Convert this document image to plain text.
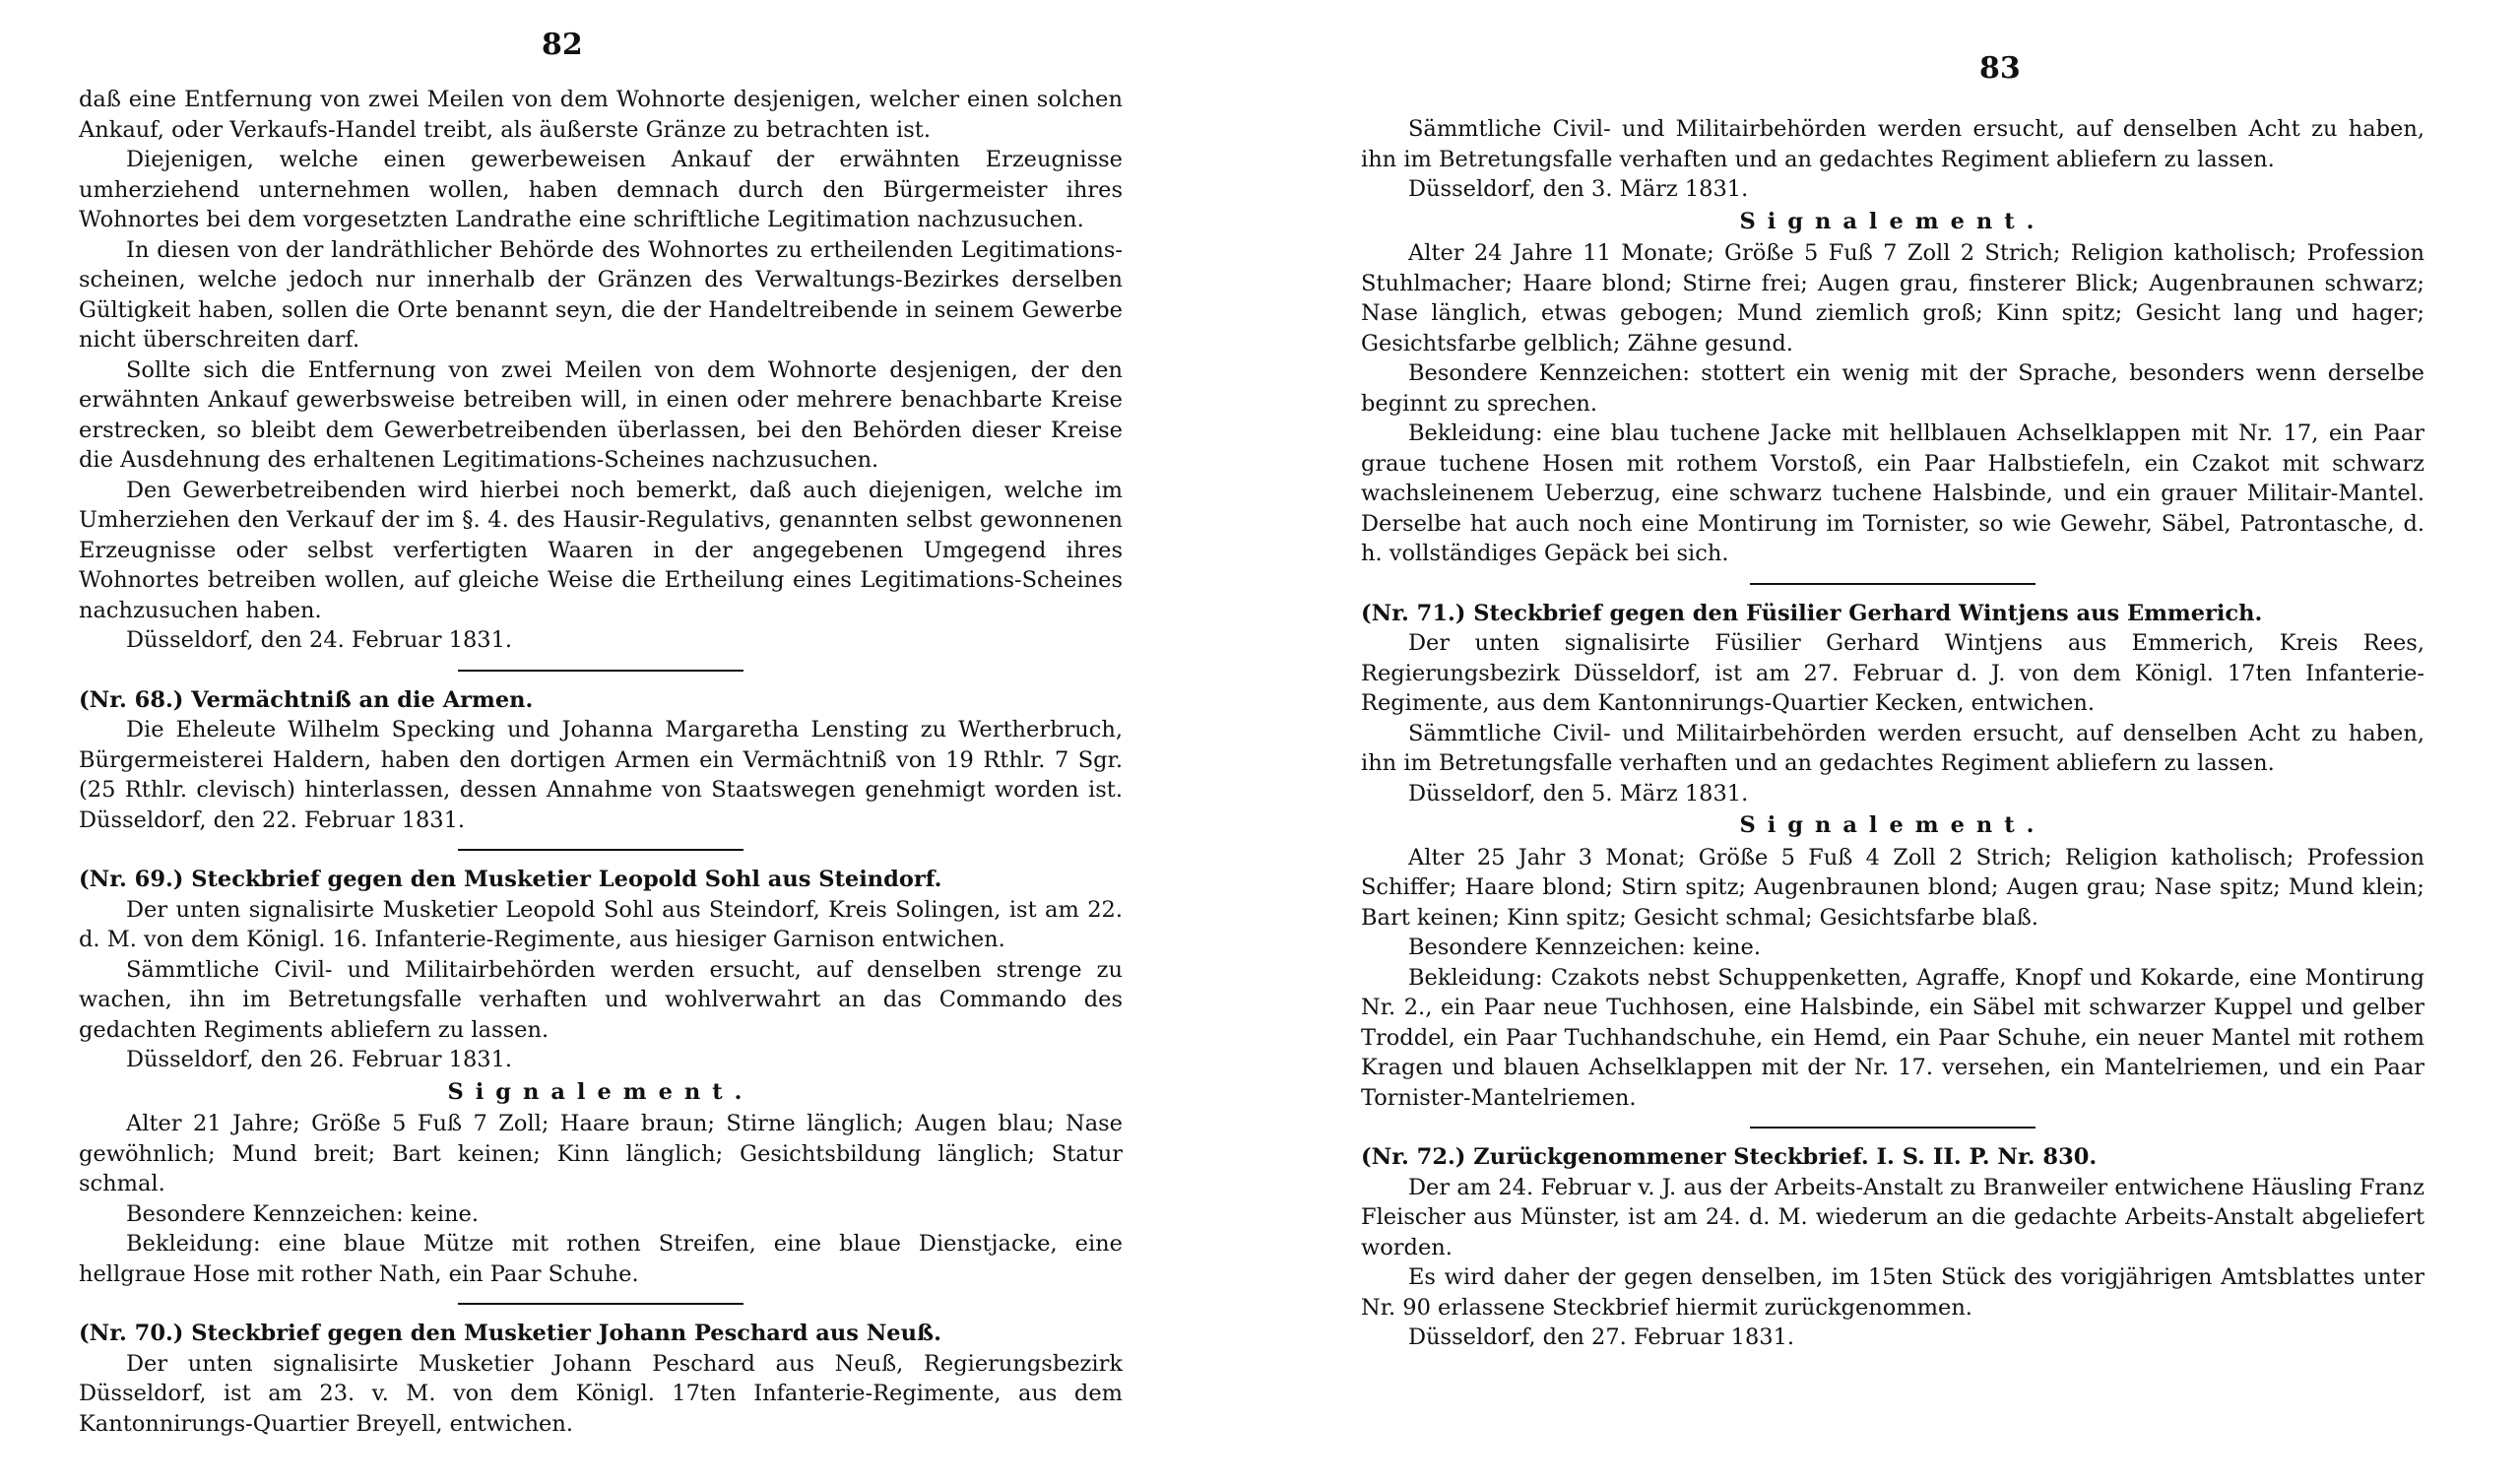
82

daß eine Entfernung von zwei Meilen von dem Wohnorte desjenigen, welcher einen solchen Ankauf, oder Verkaufs-Handel treibt, als äußerste Gränze zu betrachten ist.

Diejenigen, welche einen gewerbeweisen Ankauf der erwähnten Erzeugnisse umherziehend unternehmen wollen, haben demnach durch den Bürgermeister ihres Wohnortes bei dem vorgesetzten Landrathe eine schriftliche Legitimation nachzusuchen.

In diesen von der landräthlicher Behörde des Wohnortes zu ertheilenden Legitimations-scheinen, welche jedoch nur innerhalb der Gränzen des Verwaltungs-Bezirkes derselben Gültigkeit haben, sollen die Orte benannt seyn, die der Handeltreibende in seinem Gewerbe nicht überschreiten darf.

Sollte sich die Entfernung von zwei Meilen von dem Wohnorte desjenigen, der den erwähnten Ankauf gewerbsweise betreiben will, in einen oder mehrere benachbarte Kreise erstrecken, so bleibt dem Gewerbetreibenden überlassen, bei den Behörden dieser Kreise die Ausdehnung des erhaltenen Legitimations-Scheines nachzusuchen.

Den Gewerbetreibenden wird hierbei noch bemerkt, daß auch diejenigen, welche im Umherziehen den Verkauf der im §. 4. des Hausir-Regulativs, genannten selbst gewonnenen Erzeugnisse oder selbst verfertigten Waaren in der angegebenen Umgegend ihres Wohnortes betreiben wollen, auf gleiche Weise die Ertheilung eines Legitimations-Scheines nachzusuchen haben.

Düsseldorf, den 24. Februar 1831.

(Nr. 68.) Vermächtniß an die Armen.

Die Eheleute Wilhelm Specking und Johanna Margaretha Lensting zu Wertherbruch, Bürgermeisterei Haldern, haben den dortigen Armen ein Vermächtniß von 19 Rthlr. 7 Sgr. (25 Rthlr. clevisch) hinterlassen, dessen Annahme von Staatswegen genehmigt worden ist. Düsseldorf, den 22. Februar 1831.

(Nr. 69.) Steckbrief gegen den Musketier Leopold Sohl aus Steindorf.

Der unten signalisirte Musketier Leopold Sohl aus Steindorf, Kreis Solingen, ist am 22. d. M. von dem Königl. 16. Infanterie-Regimente, aus hiesiger Garnison entwichen.

Sämmtliche Civil- und Militairbehörden werden ersucht, auf denselben strenge zu wachen, ihn im Betretungsfalle verhaften und wohlverwahrt an das Commando des gedachten Regiments abliefern zu lassen.

Düsseldorf, den 26. Februar 1831.

Signalement.

Alter 21 Jahre; Größe 5 Fuß 7 Zoll; Haare braun; Stirne länglich; Augen blau; Nase gewöhnlich; Mund breit; Bart keinen; Kinn länglich; Gesichtsbildung länglich; Statur schmal.

Besondere Kennzeichen: keine.

Bekleidung: eine blaue Mütze mit rothen Streifen, eine blaue Dienstjacke, eine hellgraue Hose mit rother Nath, ein Paar Schuhe.

(Nr. 70.) Steckbrief gegen den Musketier Johann Peschard aus Neuß.

Der unten signalisirte Musketier Johann Peschard aus Neuß, Regierungsbezirk Düsseldorf, ist am 23. v. M. von dem Königl. 17ten Infanterie-Regimente, aus dem Kantonnirungs-Quartier Breyell, entwichen.

83

Sämmtliche Civil- und Militairbehörden werden ersucht, auf denselben Acht zu haben, ihn im Betretungsfalle verhaften und an gedachtes Regiment abliefern zu lassen.

Düsseldorf, den 3. März 1831.

Signalement.

Alter 24 Jahre 11 Monate; Größe 5 Fuß 7 Zoll 2 Strich; Religion katholisch; Profession Stuhlmacher; Haare blond; Stirne frei; Augen grau, finsterer Blick; Augenbraunen schwarz; Nase länglich, etwas gebogen; Mund ziemlich groß; Kinn spitz; Gesicht lang und hager; Gesichtsfarbe gelblich; Zähne gesund.

Besondere Kennzeichen: stottert ein wenig mit der Sprache, besonders wenn derselbe beginnt zu sprechen.

Bekleidung: eine blau tuchene Jacke mit hellblauen Achselklappen mit Nr. 17, ein Paar graue tuchene Hosen mit rothem Vorstoß, ein Paar Halbstiefeln, ein Czakot mit schwarz wachsleinenem Ueberzug, eine schwarz tuchene Halsbinde, und ein grauer Militair-Mantel. Derselbe hat auch noch eine Montirung im Tornister, so wie Gewehr, Säbel, Patrontasche, d. h. vollständiges Gepäck bei sich.

(Nr. 71.) Steckbrief gegen den Füsilier Gerhard Wintjens aus Emmerich.

Der unten signalisirte Füsilier Gerhard Wintjens aus Emmerich, Kreis Rees, Regierungsbezirk Düsseldorf, ist am 27. Februar d. J. von dem Königl. 17ten Infanterie-Regimente, aus dem Kantonnirungs-Quartier Kecken, entwichen.

Sämmtliche Civil- und Militairbehörden werden ersucht, auf denselben Acht zu haben, ihn im Betretungsfalle verhaften und an gedachtes Regiment abliefern zu lassen.

Düsseldorf, den 5. März 1831.

Signalement.

Alter 25 Jahr 3 Monat; Größe 5 Fuß 4 Zoll 2 Strich; Religion katholisch; Profession Schiffer; Haare blond; Stirn spitz; Augenbraunen blond; Augen grau; Nase spitz; Mund klein; Bart keinen; Kinn spitz; Gesicht schmal; Gesichtsfarbe blaß.

Besondere Kennzeichen: keine.

Bekleidung: Czakots nebst Schuppenketten, Agraffe, Knopf und Kokarde, eine Montirung Nr. 2., ein Paar neue Tuchhosen, eine Halsbinde, ein Säbel mit schwarzer Kuppel und gelber Troddel, ein Paar Tuchhandschuhe, ein Hemd, ein Paar Schuhe, ein neuer Mantel mit rothem Kragen und blauen Achselklappen mit der Nr. 17. versehen, ein Mantelriemen, und ein Paar Tornister-Mantelriemen.

(Nr. 72.) Zurückgenommener Steckbrief. I. S. II. P. Nr. 830.

Der am 24. Februar v. J. aus der Arbeits-Anstalt zu Branweiler entwichene Häusling Franz Fleischer aus Münster, ist am 24. d. M. wiederum an die gedachte Arbeits-Anstalt abgeliefert worden.

Es wird daher der gegen denselben, im 15ten Stück des vorigjährigen Amtsblattes unter Nr. 90 erlassene Steckbrief hiermit zurückgenommen.

Düsseldorf, den 27. Februar 1831.
